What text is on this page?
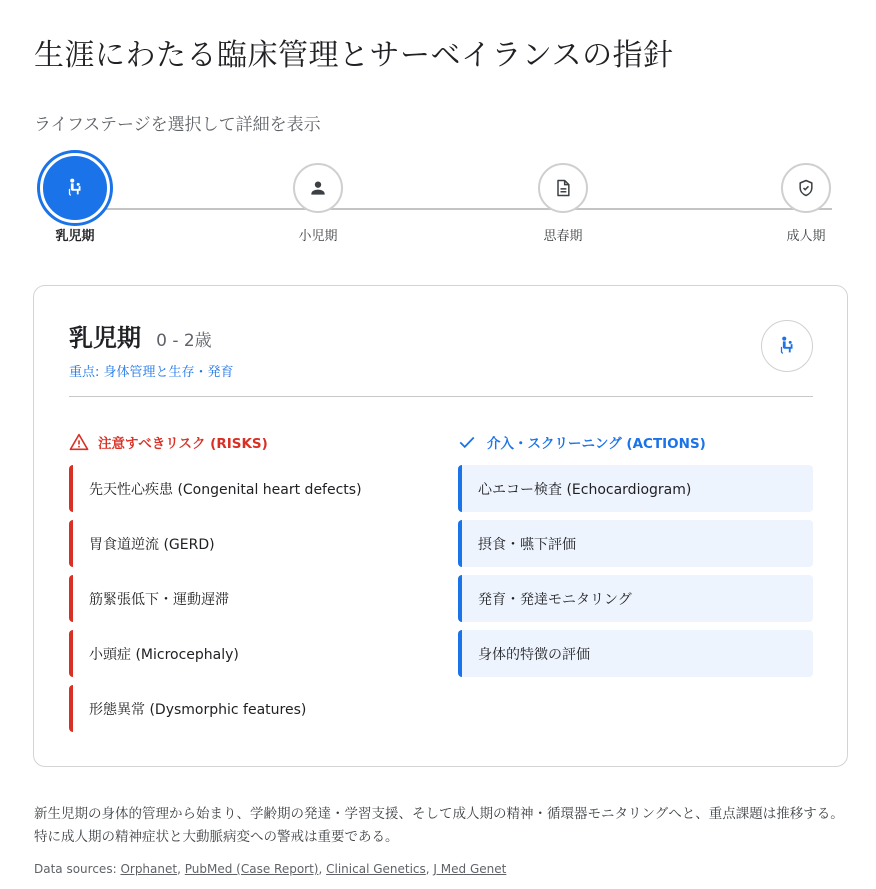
生涯にわたる臨床管理とサーベイランスの指針
ライフステージを選択して詳細を表示
乳児期	小児期	思春期	成人期
乳児期 0 - 2歳
重点: 身体管理と生存・発育
注意すべきリスク (RISKS)
先天性心疾患 (Congenital heart defects)
胃食道逆流 (GERD)
筋緊張低下・運動遅滞
小頭症 (Microcephaly)
形態異常 (Dysmorphic features)
介入・スクリーニング (ACTIONS)
心エコー検査 (Echocardiogram)
摂食・嚥下評価
発育・発達モニタリング
身体的特徴の評価

新生児期の身体的管理から始まり、学齢期の発達・学習支援、そして成人期の精神・循環器モニタリングへと、重点課題は推移する。特に成人期の精神症状と大動脈病変への警戒は重要である。

Data sources: Orphanet, PubMed (Case Report), Clinical Genetics, J Med Genet
